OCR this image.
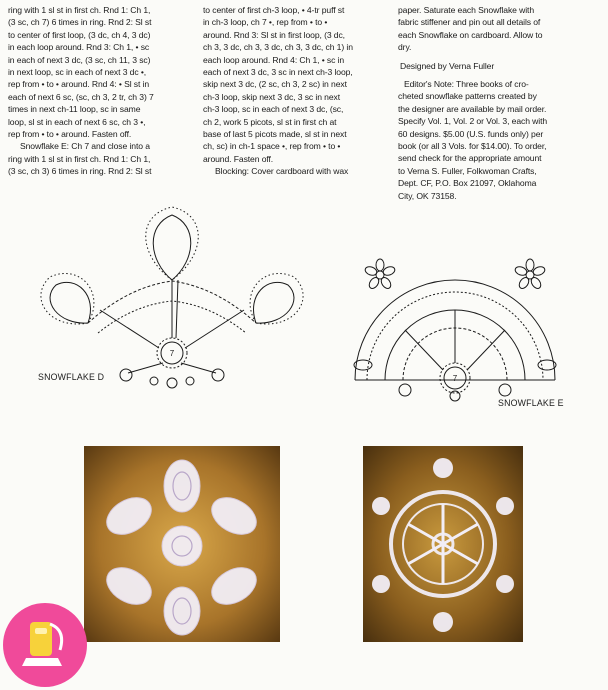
ring with 1 sl st in first ch. Rnd 1: Ch 1,

(3 sc, ch 7) 6 times in ring. Rnd 2: Sl st

to center of first loop, (3 dc, ch 4, 3 dc)

in each loop around. Rnd 3: Ch 1, • sc

in each of next 3 dc, (3 sc, ch 11, 3 sc)

in next loop, sc in each of next 3 dc •,

rep from • to • around. Rnd 4: • Sl st in

each of next 6 sc, (sc, ch 3, 2 tr, ch 3) 7

times in next ch-11 loop, sc in same

loop, sl st in each of next 6 sc, ch 3 •,

rep from • to • around. Fasten off.

Snowflake E: Ch 7 and close into a

ring with 1 sl st in first ch. Rnd 1: Ch 1,

(3 sc, ch 3) 6 times in ring. Rnd 2: Sl st

to center of first ch-3 loop, • 4-tr puff st

in ch-3 loop, ch 7 •, rep from • to •

around. Rnd 3: Sl st in first loop, (3 dc,

ch 3, 3 dc, ch 3, 3 dc, ch 3, 3 dc, ch 1) in

each loop around. Rnd 4: Ch 1, • sc in

each of next 3 dc, 3 sc in next ch-3 loop,

skip next 3 dc, (2 sc, ch 3, 2 sc) in next

ch-3 loop, skip next 3 dc, 3 sc in next

ch-3 loop, sc in each of next 3 dc, (sc,

ch 2, work 5 picots, sl st in first ch at

base of last 5 picots made, sl st in next

ch, sc) in ch-1 space •, rep from • to •

around. Fasten off.

Blocking: Cover cardboard with wax

paper. Saturate each Snowflake with

fabric stiffener and pin out all details of

each Snowflake on cardboard. Allow to

dry.

Designed by Verna Fuller

Editor's Note: Three books of cro-

cheted snowflake patterns created by

the designer are available by mail order.

Specify Vol. 1, Vol. 2 or Vol. 3, each with

60 designs. $5.00 (U.S. funds only) per

book (or all 3 Vols. for $14.00). To order,

send check for the appropriate amount

to Verna S. Fuller, Folkwoman Crafts,

Dept. CF, P.O. Box 21097, Oklahoma

City, OK 73158.

7
SNOWFLAKE D	7
SNOWFLAKE E
